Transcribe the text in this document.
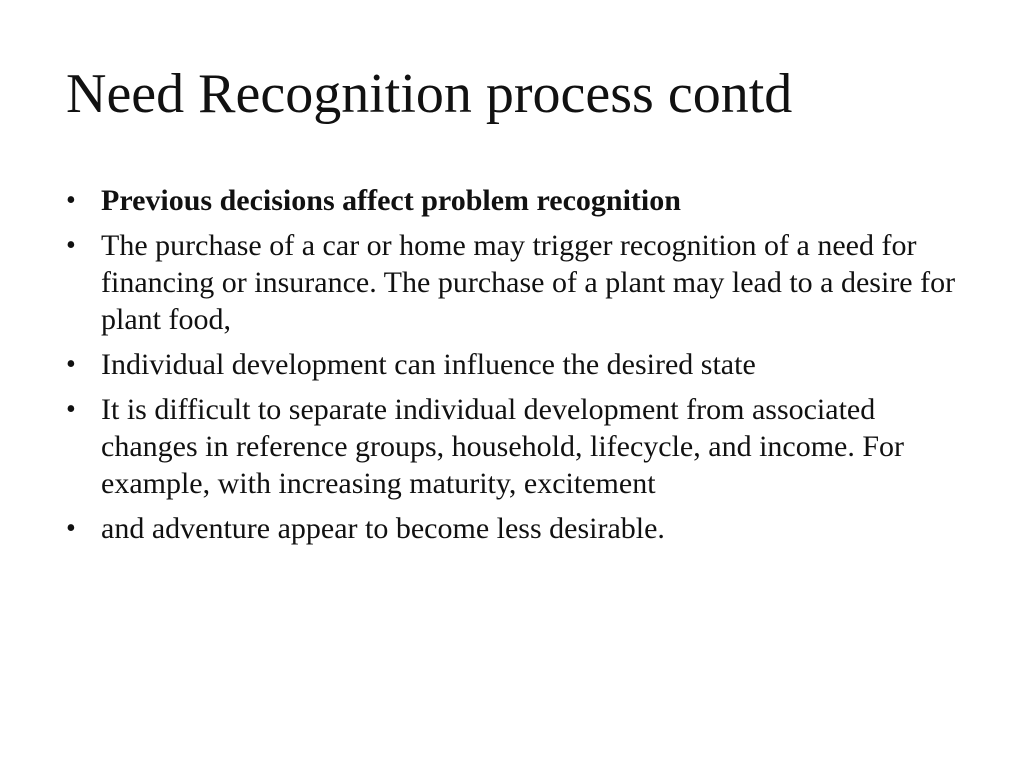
Need Recognition process contd
• Previous decisions affect problem recognition
• The purchase of a car or home may trigger recognition of a need for financing or insurance. The purchase of a plant may lead to a desire for plant food,
• Individual development can influence the desired state
• It is difficult to separate individual development from associated changes in reference groups, household, lifecycle, and income. For example, with increasing maturity, excitement
• and adventure appear to become less desirable.
